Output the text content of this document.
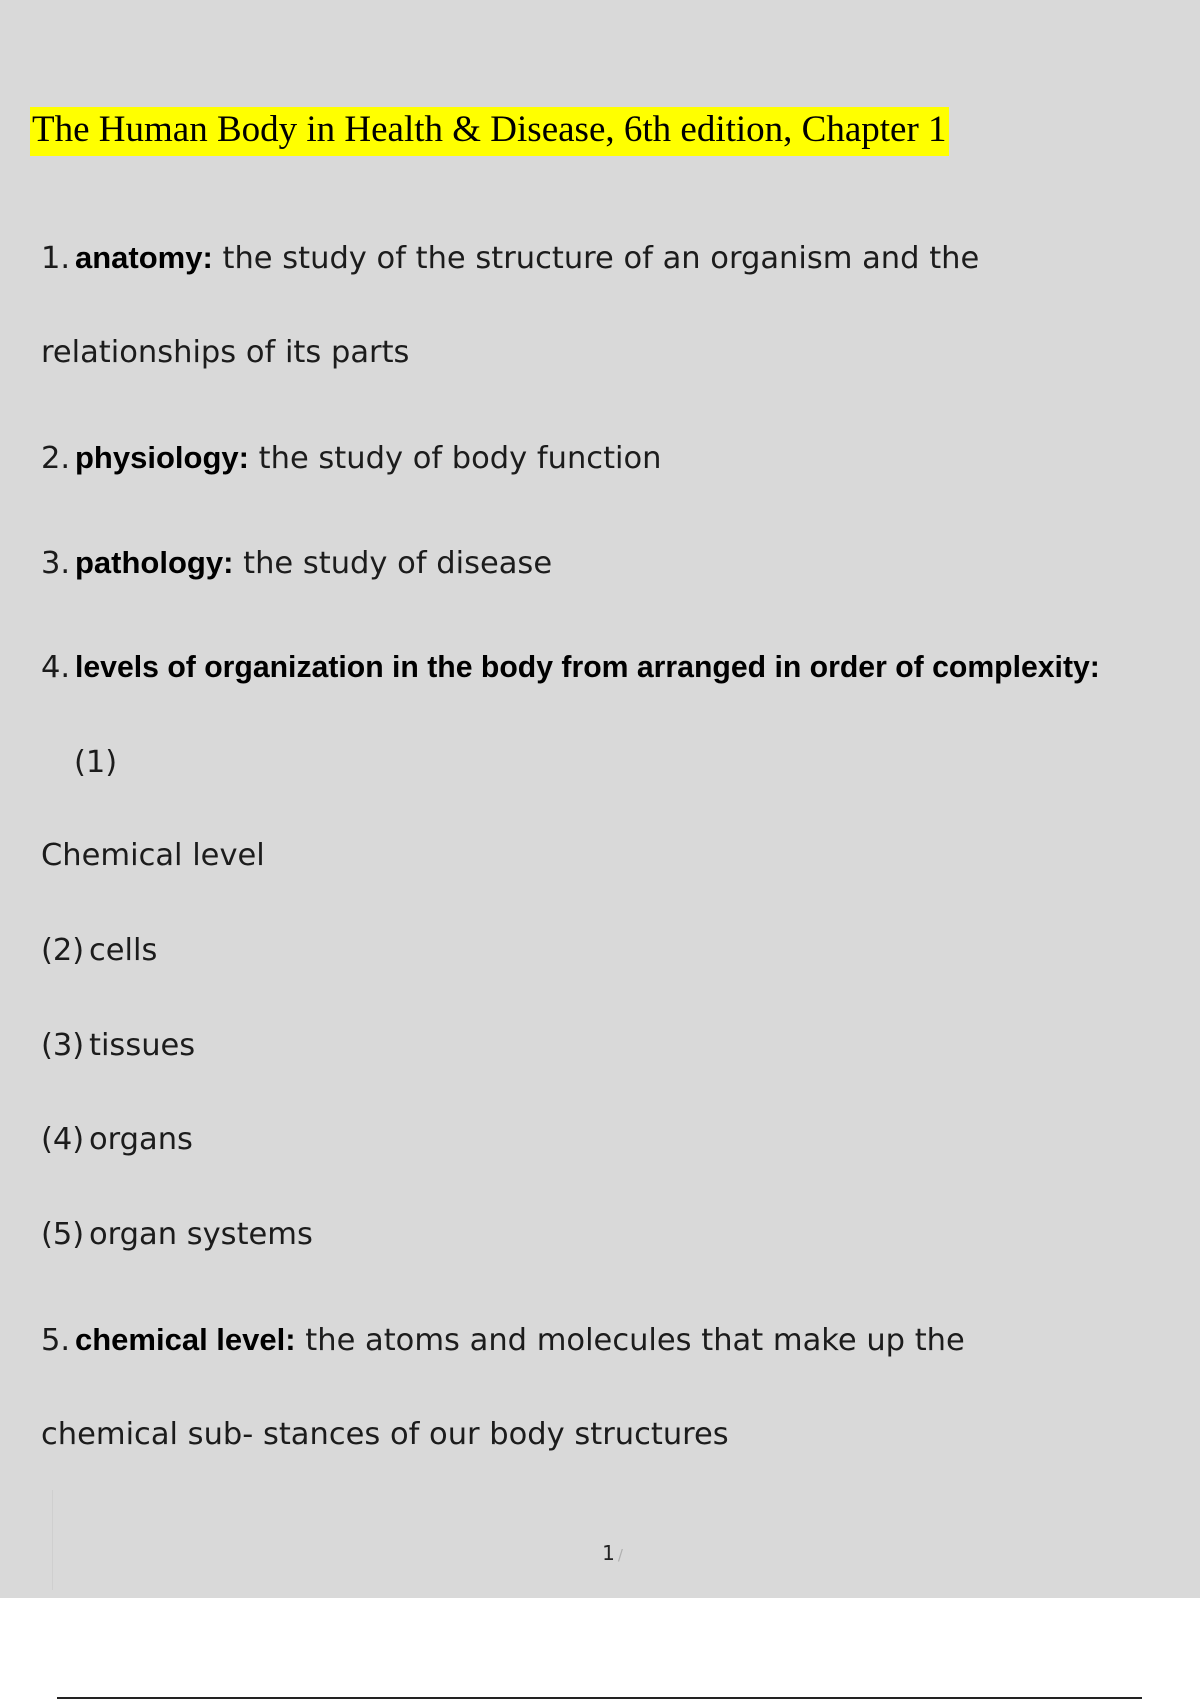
The Human Body in Health & Disease, 6th edition, Chapter 1
1. anatomy: the study of the structure of an organism and the
relationships of its parts
2. physiology: the study of body function
3. pathology: the study of disease
4. levels of organization in the body from arranged in order of complexity:
(1)
Chemical level
(2) cells
(3) tissues
(4) organs
(5) organ systems
5. chemical level: the atoms and molecules that make up the
chemical sub- stances of our body structures
1 /
